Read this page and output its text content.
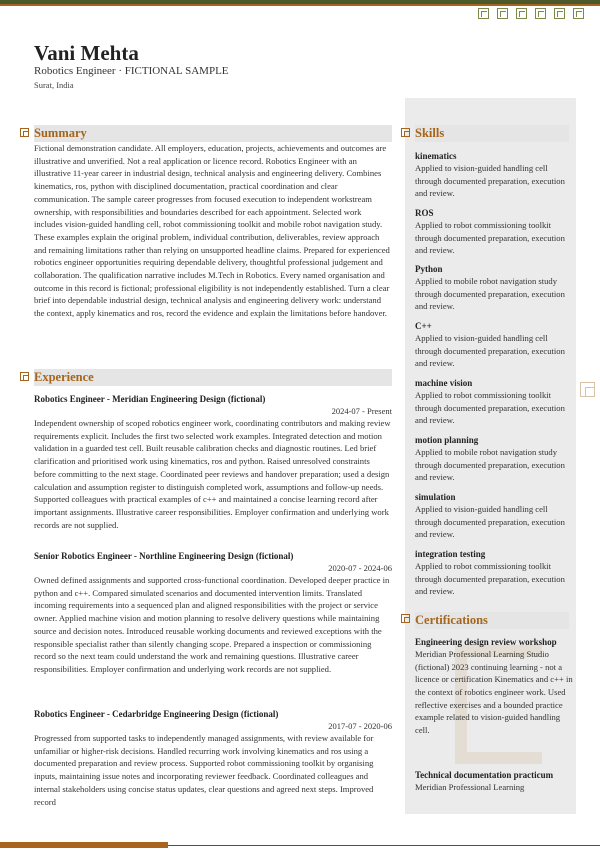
Vani Mehta
Robotics Engineer · FICTIONAL SAMPLE
Surat, India
Summary
Fictional demonstration candidate. All employers, education, projects, achievements and outcomes are illustrative and unverified. Not a real application or licence record. Robotics Engineer with an illustrative 11-year career in industrial design, technical analysis and engineering delivery. Combines kinematics, ros, python with disciplined documentation, practical coordination and clear communication. The sample career progresses from focused execution to independent workstream ownership, with responsibilities and boundaries described for each appointment. Selected work includes vision-guided handling cell, robot commissioning toolkit and mobile robot navigation study. These examples explain the original problem, individual contribution, deliverables, review approach and remaining limitations rather than relying on unsupported headline claims. Prepared for experienced robotics engineer opportunities requiring dependable delivery, thoughtful professional judgement and collaboration. The qualification narrative includes M.Tech in Robotics. Every named organisation and outcome in this record is fictional; professional eligibility is not independently established. Turn a clear brief into dependable industrial design, technical analysis and engineering delivery work: understand the context, apply kinematics and ros, record the evidence and explain the limitations before handover.
Experience
Robotics Engineer - Meridian Engineering Design (fictional)
2024-07 - Present
Independent ownership of scoped robotics engineer work, coordinating contributors and making review requirements explicit. Includes the first two selected work examples. Integrated detection and motion validation in a guarded test cell. Built reusable calibration checks and diagnostic routines. Led brief clarification and prioritised work using kinematics, ros and python. Raised unresolved constraints before committing to the next stage. Coordinated peer reviews and handover preparation; used a design calculation and assumption register to distinguish completed work, assumptions and follow-up needs. Supported colleagues with practical examples of c++ and maintained a concise learning record after important assignments. Illustrative career responsibilities. Employer confirmation and underlying work records are not supplied.
Senior Robotics Engineer - Northline Engineering Design (fictional)
2020-07 - 2024-06
Owned defined assignments and supported cross-functional coordination. Developed deeper practice in python and c++. Compared simulated scenarios and documented intervention limits. Translated incoming requirements into a sequenced plan and aligned responsibilities with the project or service owner. Applied machine vision and motion planning to resolve delivery questions while maintaining source and decision notes. Introduced reusable working documents and reviewed exceptions with the responsible specialist rather than silently changing scope. Prepared a inspection or commissioning record so the next team could understand the work and remaining questions. Illustrative career responsibilities. Employer confirmation and underlying work records are not supplied.
Robotics Engineer - Cedarbridge Engineering Design (fictional)
2017-07 - 2020-06
Progressed from supported tasks to independently managed assignments, with review available for unfamiliar or higher-risk decisions. Handled recurring work involving kinematics and ros using a documented preparation and review process. Supported robot commissioning toolkit by organising inputs, maintaining issue notes and incorporating reviewer feedback. Coordinated colleagues and internal stakeholders using concise status updates, clear questions and agreed next steps. Improved record
Skills
kinematics
Applied to vision-guided handling cell through documented preparation, execution and review.
ROS
Applied to robot commissioning toolkit through documented preparation, execution and review.
Python
Applied to mobile robot navigation study through documented preparation, execution and review.
C++
Applied to vision-guided handling cell through documented preparation, execution and review.
machine vision
Applied to robot commissioning toolkit through documented preparation, execution and review.
motion planning
Applied to mobile robot navigation study through documented preparation, execution and review.
simulation
Applied to vision-guided handling cell through documented preparation, execution and review.
integration testing
Applied to robot commissioning toolkit through documented preparation, execution and review.
Certifications
Engineering design review workshop
Meridian Professional Learning Studio (fictional) 2023 continuing learning - not a licence or certification Kinematics and c++ in the context of robotics engineer work. Used reflective exercises and a bounded practice example related to vision-guided handling cell.
Technical documentation practicum
Meridian Professional Learning
